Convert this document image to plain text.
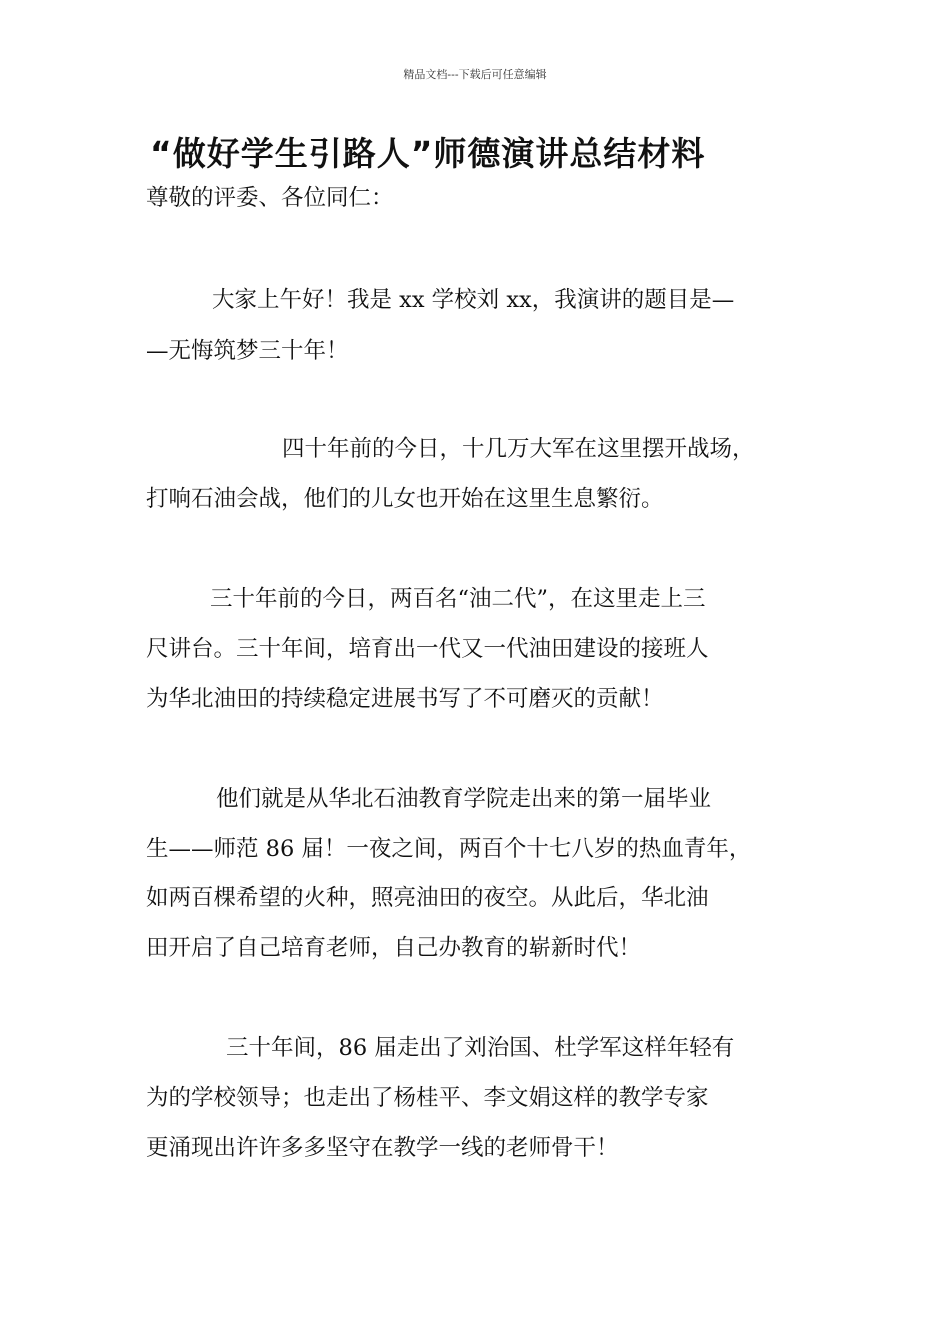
精品文档---下载后可任意编辑
“做好学生引路人”师德演讲总结材料
尊敬的评委、各位同仁：
大家上午好！我是 xx 学校刘 xx，我演讲的题目是—
—无悔筑梦三十年！
四十年前的今日，十几万大军在这里摆开战场，
打响石油会战，他们的儿女也开始在这里生息繁衍。
三十年前的今日，两百名“油二代”，在这里走上三
尺讲台。三十年间，培育出一代又一代油田建设的接班人
为华北油田的持续稳定进展书写了不可磨灭的贡献！
他们就是从华北石油教育学院走出来的第一届毕业
生——师范 86 届！一夜之间，两百个十七八岁的热血青年，
如两百棵希望的火种，照亮油田的夜空。从此后，华北油
田开启了自己培育老师，自己办教育的崭新时代！
三十年间，86 届走出了刘治国、杜学军这样年轻有
为的学校领导；也走出了杨桂平、李文娟这样的教学专家
更涌现出许许多多坚守在教学一线的老师骨干！
